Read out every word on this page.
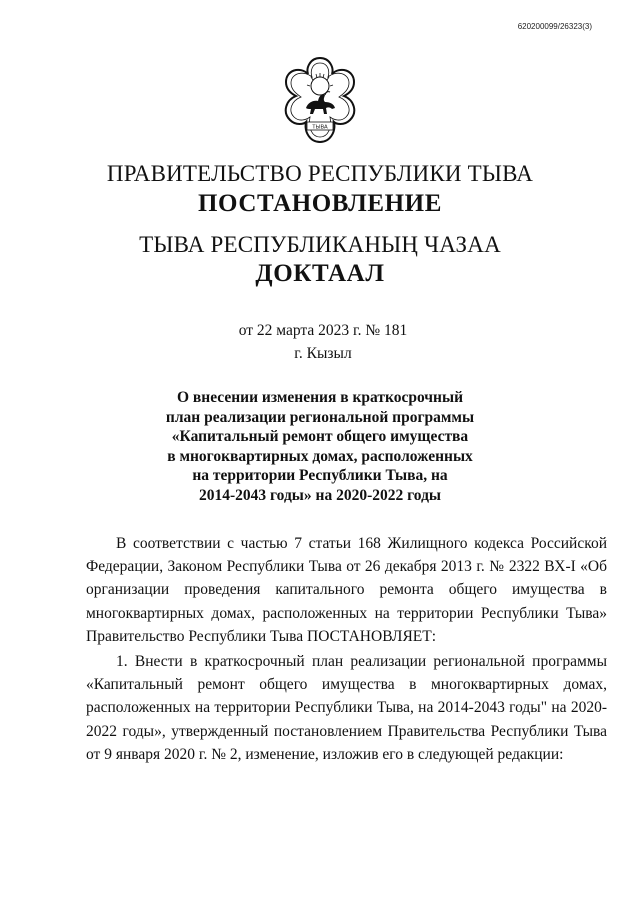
620200099/26323(3)
ТЫВА
ПРАВИТЕЛЬСТВО РЕСПУБЛИКИ ТЫВА
ПОСТАНОВЛЕНИЕ
ТЫВА РЕСПУБЛИКАНЫҢ ЧАЗАА
ДОКТААЛ
от 22 марта 2023 г. № 181
г. Кызыл
О внесении изменения в краткосрочный
план реализации региональной программы
«Капитальный ремонт общего имущества
в многоквартирных домах, расположенных
на территории Республики Тыва, на
2014-2043 годы» на 2020-2022 годы

В соответствии с частью 7 статьи 168 Жилищного кодекса Российской Федерации, Законом Республики Тыва от 26 декабря 2013 г. № 2322 ВХ-I «Об организации проведения капитального ремонта общего имущества в многоквартирных домах, расположенных на территории Республики Тыва» Правительство Республики Тыва ПОСТАНОВЛЯЕТ:

1. Внести в краткосрочный план реализации региональной программы «Капитальный ремонт общего имущества в многоквартирных домах, расположенных на территории Республики Тыва, на 2014-2043 годы" на 2020-2022 годы», утвержденный постановлением Правительства Республики Тыва от 9 января 2020 г. № 2, изменение, изложив его в следующей редакции:
